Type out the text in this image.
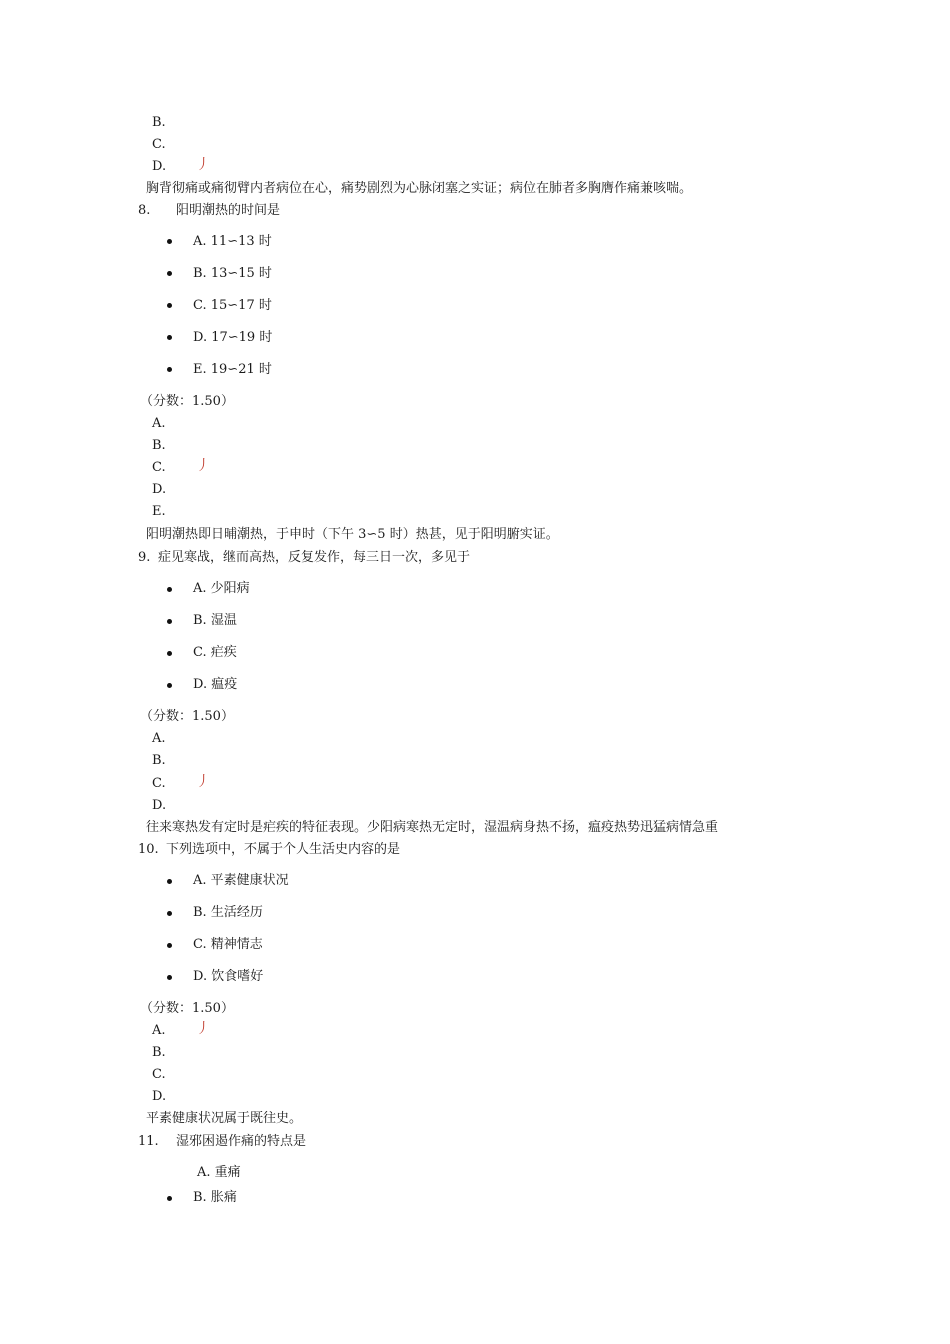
B.
C.
D. 丿
胸背彻痛或痛彻臂内者病位在心，痛势剧烈为心脉闭塞之实证；病位在肺者多胸膺作痛兼咳喘。
8. 阳明潮热的时间是
A. 11∽13 时
B. 13∽15 时
C. 15∽17 时
D. 17∽19 时
E. 19∽21 时
（分数：1.50）
A.
B.
C. 丿
D.
E.
阳明潮热即日晡潮热，于申时（下午 3∽5 时）热甚，见于阳明腑实证。
9. 症见寒战，继而高热，反复发作，每三日一次，多见于
A. 少阳病
B. 湿温
C. 疟疾
D. 瘟疫
（分数：1.50）
A.
B.
C. 丿
D.
往来寒热发有定时是疟疾的特征表现。少阳病寒热无定时，湿温病身热不扬，瘟疫热势迅猛病情急重
10. 下列选项中，不属于个人生活史内容的是
A. 平素健康状况
B. 生活经历
C. 精神情志
D. 饮食嗜好
（分数：1.50）
A. 丿
B.
C.
D.
平素健康状况属于既往史。
11. 湿邪困遏作痛的特点是
A. 重痛
B. 胀痛
